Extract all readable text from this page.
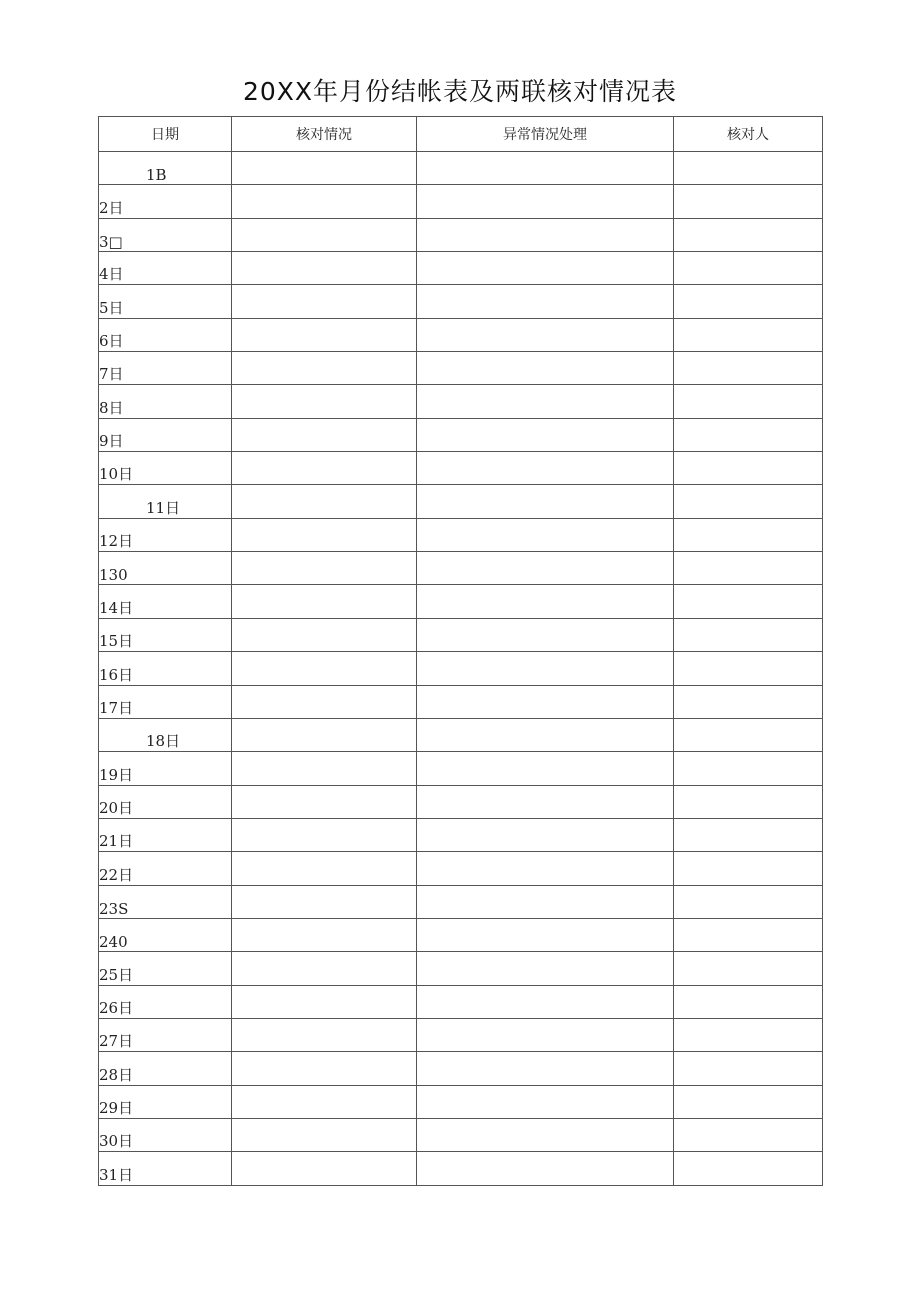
20XX年月份结帐表及两联核对情况表
日期	核对情况	异常情况处理	核对人
1B			
2日			
3□			
4日			
5日			
6日			
7日			
8日			
9日			
10日			
11日			
12日			
130			
14日			
15日			
16日			
17日			
18日			
19日			
20日			
21日			
22日			
23S			
240			
25日			
26日			
27日			
28日			
29日			
30日			
31日			
